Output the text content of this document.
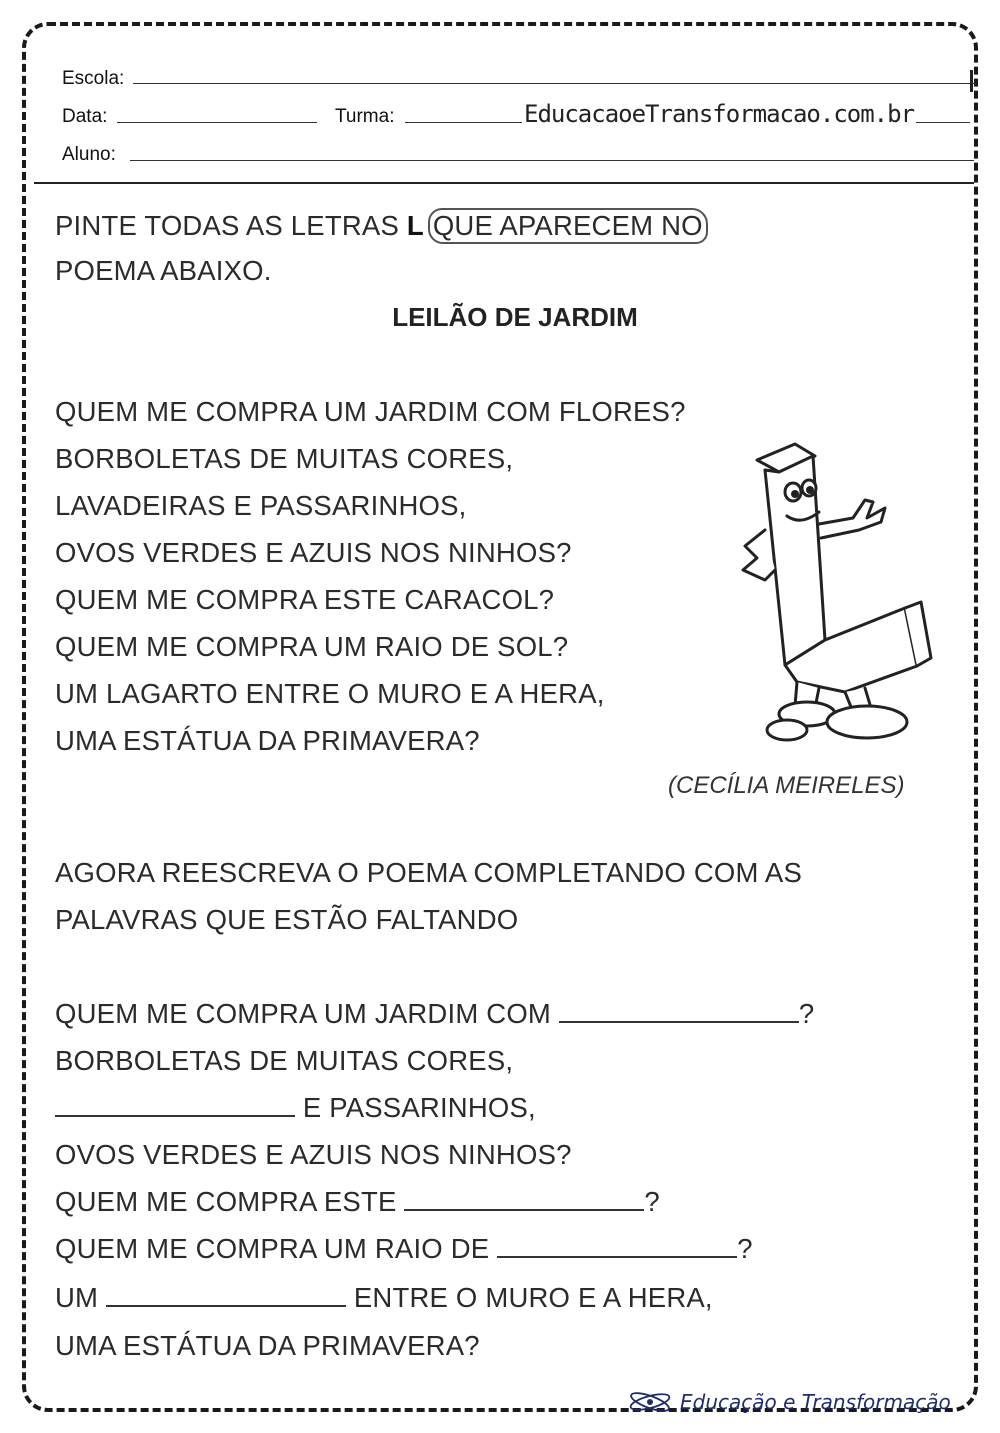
Escola:
Data:	Turma:	EducacaoeTransformacao.com.br
Aluno:
PINTE TODAS AS LETRAS L QUE APARECEM NO
POEMA ABAIXO.
LEILÃO DE JARDIM
QUEM ME COMPRA UM JARDIM COM FLORES?
BORBOLETAS DE MUITAS CORES,
LAVADEIRAS E PASSARINHOS,
OVOS VERDES E AZUIS NOS NINHOS?
QUEM ME COMPRA ESTE CARACOL?
QUEM ME COMPRA UM RAIO DE SOL?
UM LAGARTO ENTRE O MURO E A HERA,
UMA ESTÁTUA DA PRIMAVERA?
(CECÍLIA MEIRELES)
AGORA REESCREVA O POEMA COMPLETANDO COM AS
PALAVRAS QUE ESTÃO FALTANDO
QUEM ME COMPRA UM JARDIM COM	?
BORBOLETAS DE MUITAS CORES,
E PASSARINHOS,
OVOS VERDES E AZUIS NOS NINHOS?
QUEM ME COMPRA ESTE	?
QUEM ME COMPRA UM RAIO DE	?
UM	ENTRE O MURO E A HERA,
UMA ESTÁTUA DA PRIMAVERA?
Educação e Transformação
